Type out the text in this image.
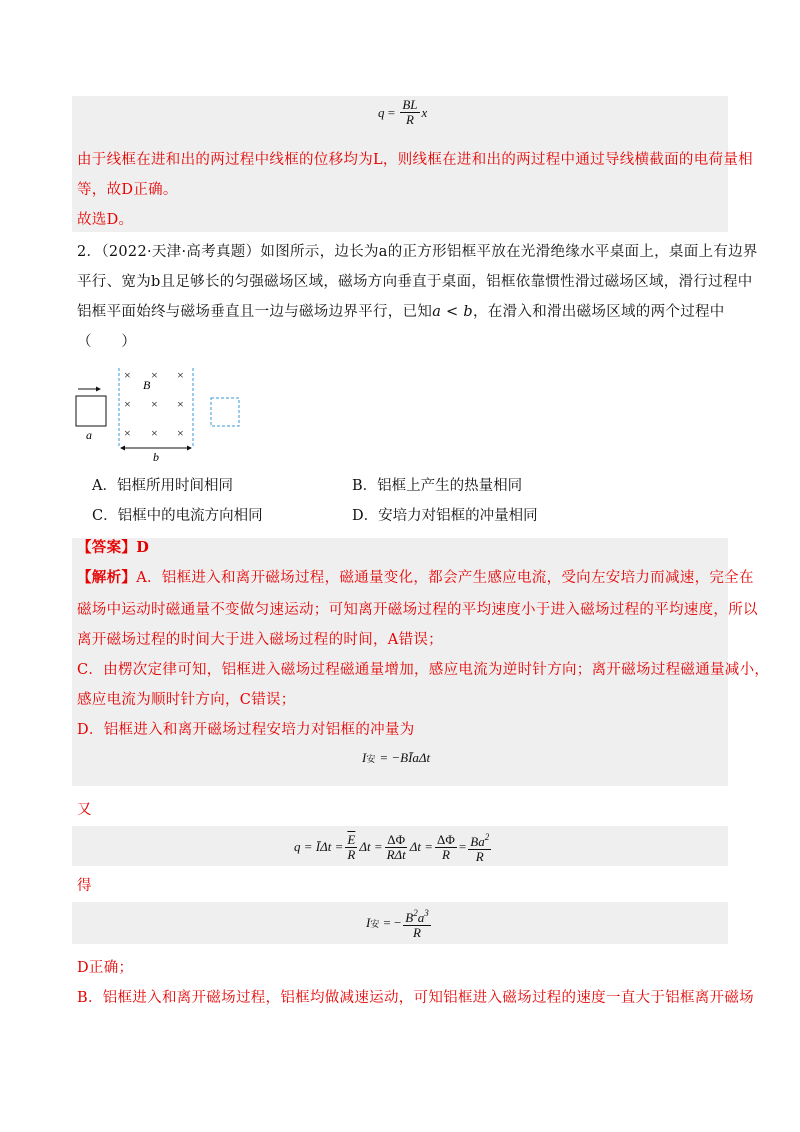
$q = \frac{BL}{R}$ x
由于线框在进和出的两过程中线框的位移均为L，则线框在进和出的两过程中通过导线横截面的电荷量相
等，故D正确。
故选D。
2．（2022·天津·高考真题）如图所示，边长为a的正方形铝框平放在光滑绝缘水平桌面上，桌面上有边界
平行、宽为b且足够长的匀强磁场区域，磁场方向垂直于桌面，铝框依靠惯性滑过磁场区域，滑行过程中
铝框平面始终与磁场垂直且一边与磁场边界平行，已知a < b，在滑入和滑出磁场区域的两个过程中
（　　）
a
× × ×
× × ×
× × ×
B
b
A．铝框所用时间相同	B．铝框上产生的热量相同
C．铝框中的电流方向相同	D．安培力对铝框的冲量相同
【答案】D
【解析】A．铝框进入和离开磁场过程，磁通量变化，都会产生感应电流，受向左安培力而减速，完全在
磁场中运动时磁通量不变做匀速运动；可知离开磁场过程的平均速度小于进入磁场过程的平均速度，所以
离开磁场过程的时间大于进入磁场过程的时间，A错误；
C．由楞次定律可知，铝框进入磁场过程磁通量增加，感应电流为逆时针方向；离开磁场过程磁通量减小，
感应电流为顺时针方向，C错误；
D．铝框进入和离开磁场过程安培力对铝框的冲量为
I 安 = −BĪaΔt
又
q = ĪΔt = $\frac{\overline{E}}{R}$ $\Delta t = \frac{\Delta\Phi}{\text{RΔt}}$ $\Delta t = \frac{\Delta\Phi}{R} = \frac{Ba^2}{R}$
得
I 安 = − $\frac{B^2a^3}{R}$
D正确；
B．铝框进入和离开磁场过程，铝框均做减速运动，可知铝框进入磁场过程的速度一直大于铝框离开磁场
